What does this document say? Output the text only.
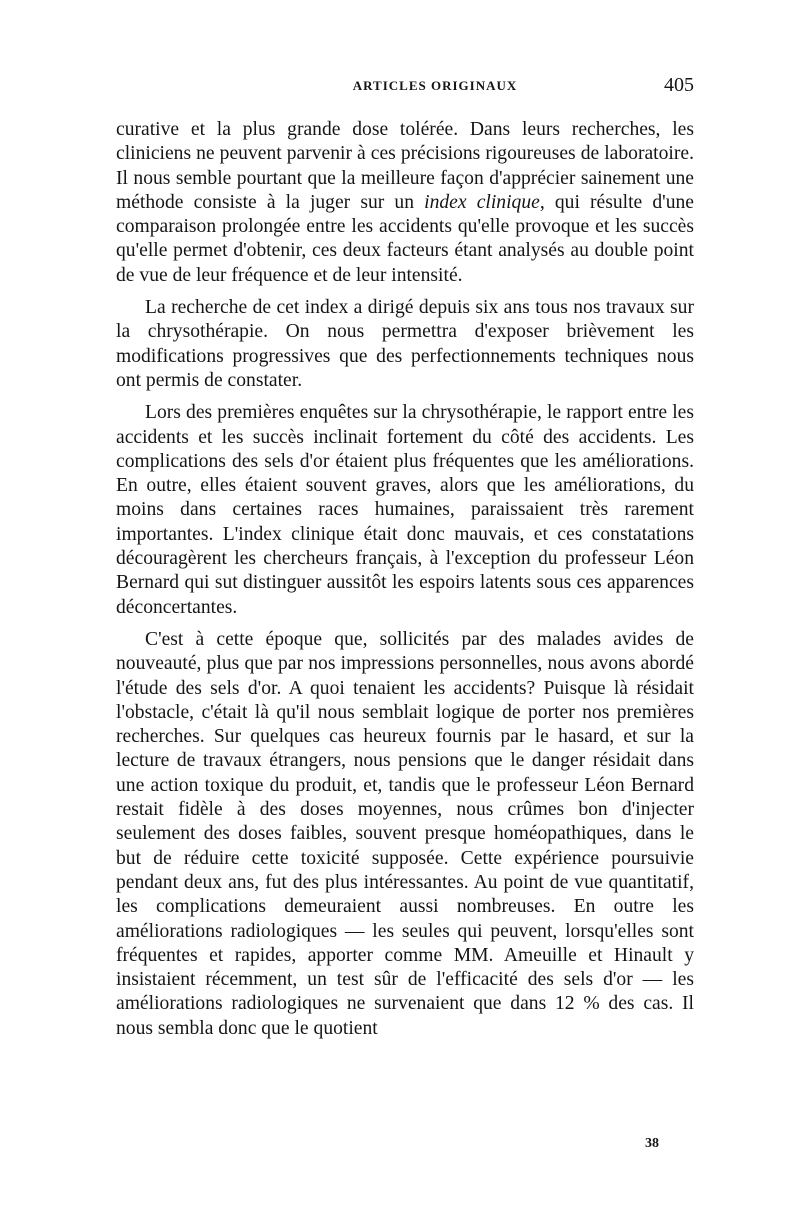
ARTICLES ORIGINAUX	405

curative et la plus grande dose tolérée. Dans leurs recherches, les cliniciens ne peuvent parvenir à ces précisions rigoureuses de laboratoire. Il nous semble pourtant que la meilleure façon d'apprécier sainement une méthode consiste à la juger sur un index clinique, qui résulte d'une comparaison prolongée entre les accidents qu'elle provoque et les succès qu'elle permet d'obtenir, ces deux facteurs étant analysés au double point de vue de leur fréquence et de leur intensité.

La recherche de cet index a dirigé depuis six ans tous nos travaux sur la chrysothérapie. On nous permettra d'exposer brièvement les modifications progressives que des perfectionnements techniques nous ont permis de constater.

Lors des premières enquêtes sur la chrysothérapie, le rapport entre les accidents et les succès inclinait fortement du côté des accidents. Les complications des sels d'or étaient plus fréquentes que les améliorations. En outre, elles étaient souvent graves, alors que les améliorations, du moins dans certaines races humaines, paraissaient très rarement importantes. L'index clinique était donc mauvais, et ces constatations découragèrent les chercheurs français, à l'exception du professeur Léon Bernard qui sut distinguer aussitôt les espoirs latents sous ces apparences déconcertantes.

C'est à cette époque que, sollicités par des malades avides de nouveauté, plus que par nos impressions personnelles, nous avons abordé l'étude des sels d'or. A quoi tenaient les accidents? Puisque là résidait l'obstacle, c'était là qu'il nous semblait logique de porter nos premières recherches. Sur quelques cas heureux fournis par le hasard, et sur la lecture de travaux étrangers, nous pensions que le danger résidait dans une action toxique du produit, et, tandis que le professeur Léon Bernard restait fidèle à des doses moyennes, nous crûmes bon d'injecter seulement des doses faibles, souvent presque homéopathiques, dans le but de réduire cette toxicité supposée. Cette expérience poursuivie pendant deux ans, fut des plus intéressantes. Au point de vue quantitatif, les complications demeuraient aussi nombreuses. En outre les améliorations radiologiques — les seules qui peuvent, lorsqu'elles sont fréquentes et rapides, apporter comme MM. Ameuille et Hinault y insistaient récemment, un test sûr de l'efficacité des sels d'or — les améliorations radiologiques ne survenaient que dans 12 % des cas. Il nous sembla donc que le quotient

38
